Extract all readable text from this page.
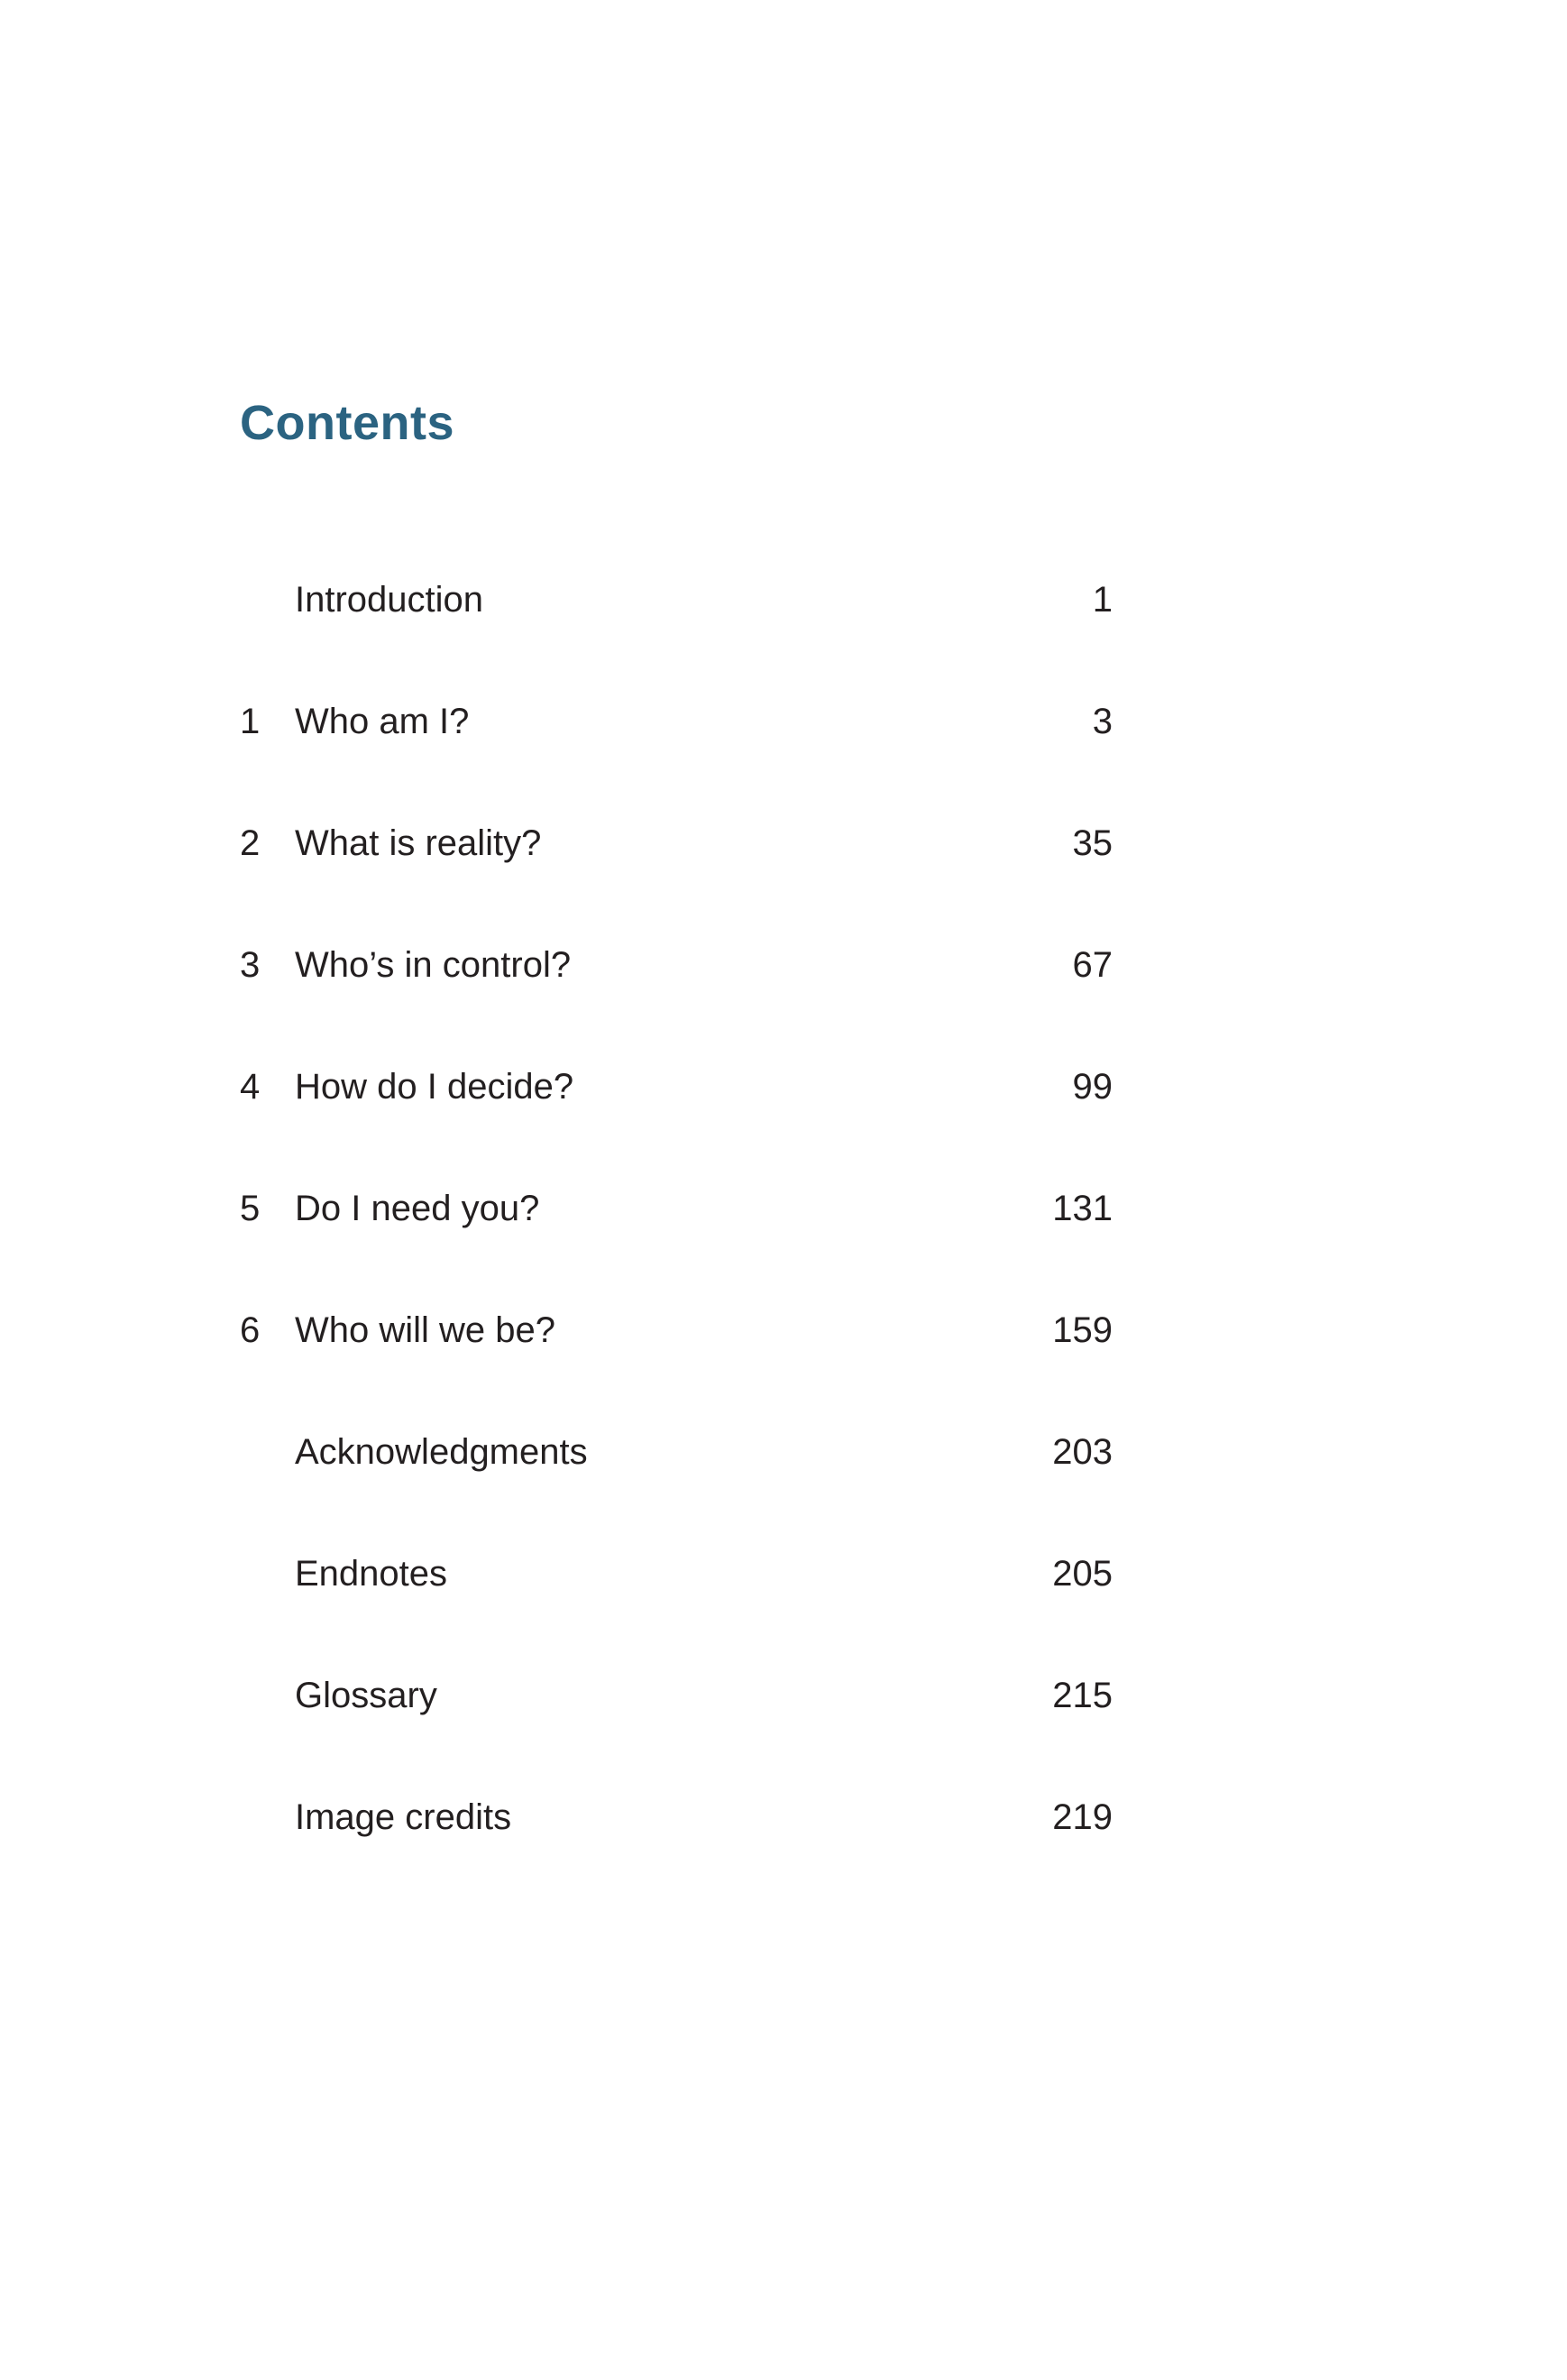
Contents
Introduction	1
1 Who am I?	3
2 What is reality?	35
3 Who’s in control?	67
4 How do I decide?	99
5 Do I need you?	131
6 Who will we be?	159
Acknowledgments	203
Endnotes	205
Glossary	215
Image credits	219
